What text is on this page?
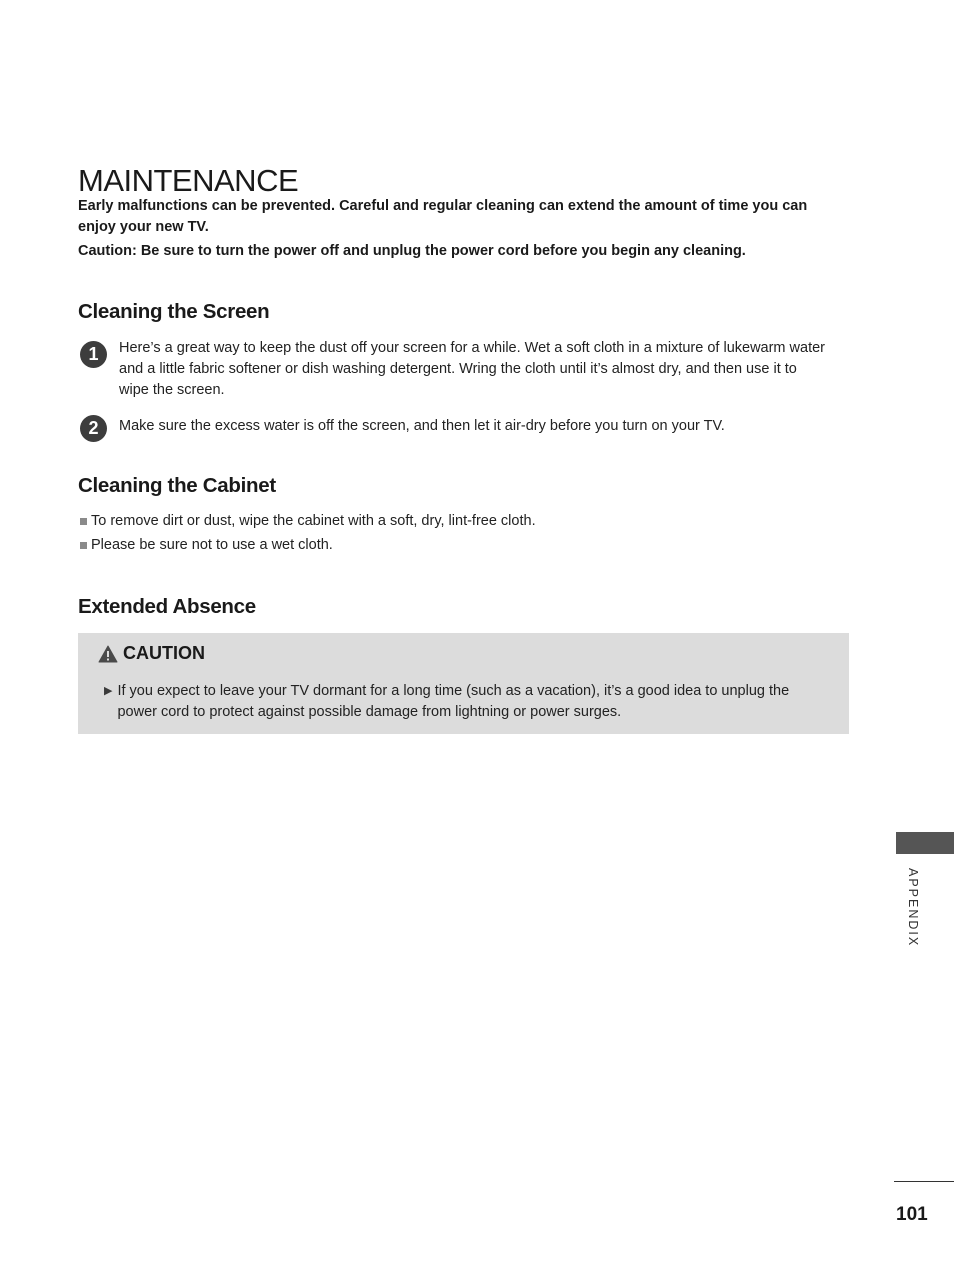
MAINTENANCE

Early malfunctions can be prevented. Careful and regular cleaning can extend the amount of time you can enjoy your new TV.

Caution: Be sure to turn the power off and unplug the power cord before you begin any cleaning.

Cleaning the Screen
1	Here’s a great way to keep the dust off your screen for a while. Wet a soft cloth in a mixture of lukewarm water and a little fabric softener or dish washing detergent. Wring the cloth until it’s almost dry, and then use it to wipe the screen.
2	Make sure the excess water is off the screen, and then let it air-dry before you turn on your TV.
Cleaning the Cabinet
To remove dirt or dust, wipe the cabinet with a soft, dry, lint-free cloth.
Please be sure not to use a wet cloth.
Extended Absence
CAUTION
▶ If you expect to leave your TV dormant for a long time (such as a vacation), it’s a good idea to unplug the power cord to protect against possible damage from lightning or power surges.
APPENDIX
101
